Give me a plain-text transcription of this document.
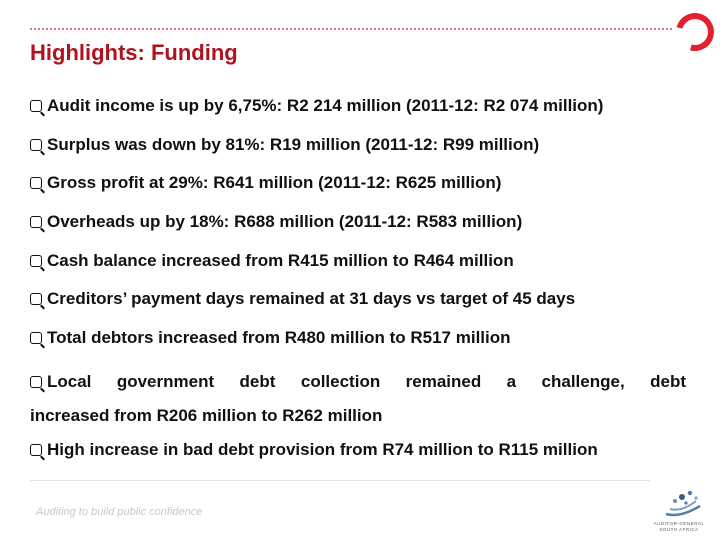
Highlights: Funding
Audit income is up by 6,75%: R2 214 million (2011-12: R2 074 million)
Surplus was down by 81%: R19 million (2011-12: R99 million)
Gross profit at 29%: R641 million (2011-12: R625 million)
Overheads up by 18%: R688 million (2011-12: R583 million)
Cash balance increased from R415 million to R464 million
Creditors’ payment days remained at 31 days vs target of 45 days
Total debtors increased from R480 million to R517 million
Local government debt collection remained a challenge, debt
increased from R206 million to R262 million
High increase in bad debt provision from R74 million to R115 million
Auditing to build public confidence
AUDITOR-GENERAL
SOUTH AFRICA
